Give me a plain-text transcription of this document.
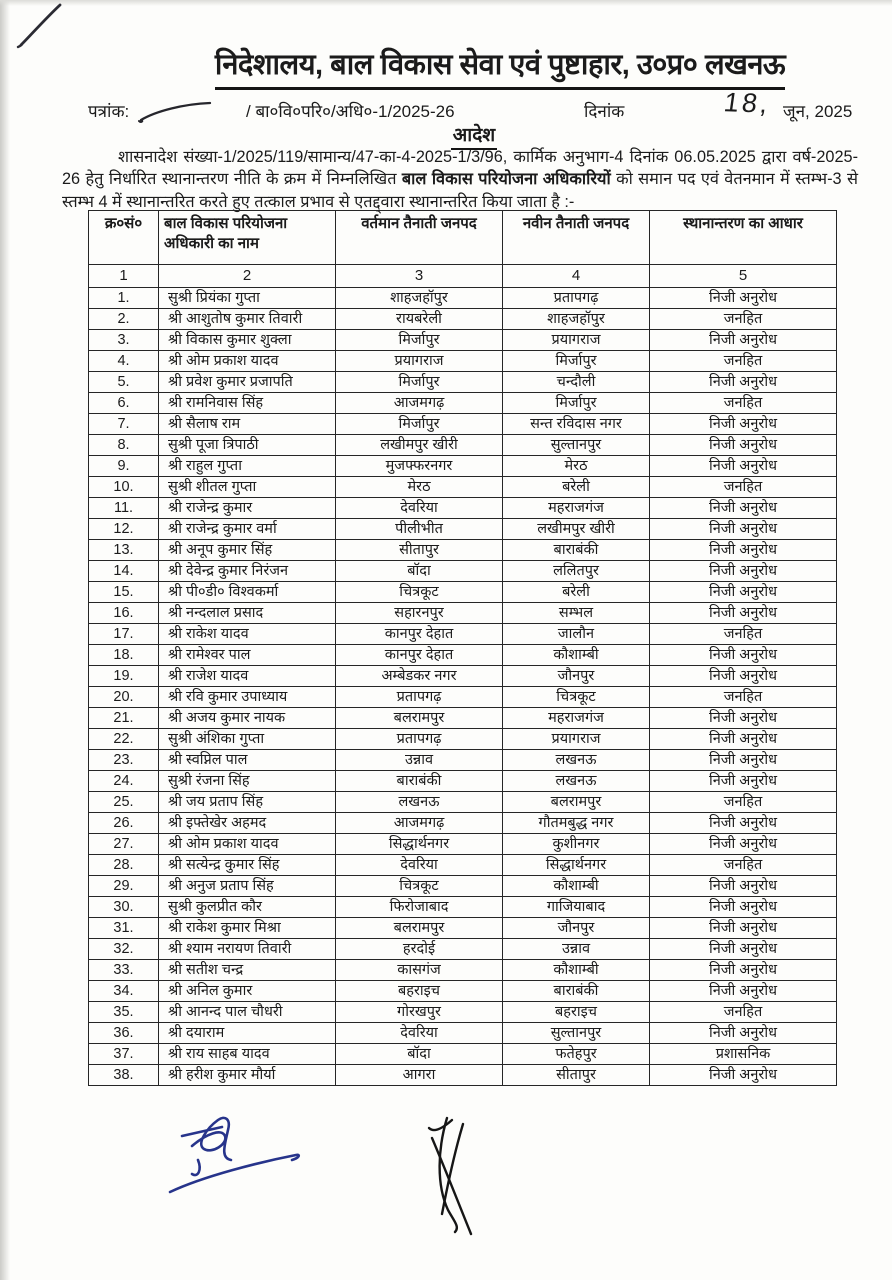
निदेशालय, बाल विकास सेवा एवं पुष्टाहार, उ०प्र० लखनऊ
पत्रांक:	/ बा०वि०परि०/अधि०-1/2025-26	दिनांक	18, जून, 2025
आदेश
शासनादेश संख्या-1/2025/119/सामान्य/47-का-4-2025-1/3/96, कार्मिक अनुभाग-4 दिनांक 06.05.2025 द्वारा वर्ष-2025-26 हेतु निर्धारित स्थानान्तरण नीति के क्रम में निम्नलिखित बाल विकास परियोजना अधिकारियों को समान पद एवं वेतनमान में स्तम्भ-3 से स्तम्भ 4 में स्थानान्तरित करते हुए तत्काल प्रभाव से एतद्द्वारा स्थानान्तरित किया जाता है :-
क्र०सं०	बाल विकास परियोजना अधिकारी का नाम	वर्तमान तैनाती जनपद	नवीन तैनाती जनपद	स्थानान्तरण का आधार
1	2	3	4	5
1.	सुश्री प्रियंका गुप्ता	शाहजहॉपुर	प्रतापगढ़	निजी अनुरोध
2.	श्री आशुतोष कुमार तिवारी	रायबरेली	शाहजहॉपुर	जनहित
3.	श्री विकास कुमार शुक्ला	मिर्जापुर	प्रयागराज	निजी अनुरोध
4.	श्री ओम प्रकाश यादव	प्रयागराज	मिर्जापुर	जनहित
5.	श्री प्रवेश कुमार प्रजापति	मिर्जापुर	चन्दौली	निजी अनुरोध
6.	श्री रामनिवास सिंह	आजमगढ़	मिर्जापुर	जनहित
7.	श्री सैलाष राम	मिर्जापुर	सन्त रविदास नगर	निजी अनुरोध
8.	सुश्री पूजा त्रिपाठी	लखीमपुर खीरी	सुल्तानपुर	निजी अनुरोध
9.	श्री राहुल गुप्ता	मुजफ्फरनगर	मेरठ	निजी अनुरोध
10.	सुश्री शीतल गुप्ता	मेरठ	बरेली	जनहित
11.	श्री राजेन्द्र कुमार	देवरिया	महराजगंज	निजी अनुरोध
12.	श्री राजेन्द्र कुमार वर्मा	पीलीभीत	लखीमपुर खीरी	निजी अनुरोध
13.	श्री अनूप कुमार सिंह	सीतापुर	बाराबंकी	निजी अनुरोध
14.	श्री देवेन्द्र कुमार निरंजन	बॉदा	ललितपुर	निजी अनुरोध
15.	श्री पी०डी० विश्वकर्मा	चित्रकूट	बरेली	निजी अनुरोध
16.	श्री नन्दलाल प्रसाद	सहारनपुर	सम्भल	निजी अनुरोध
17.	श्री राकेश यादव	कानपुर देहात	जालौन	जनहित
18.	श्री रामेश्वर पाल	कानपुर देहात	कौशाम्बी	निजी अनुरोध
19.	श्री राजेश यादव	अम्बेडकर नगर	जौनपुर	निजी अनुरोध
20.	श्री रवि कुमार उपाध्याय	प्रतापगढ़	चित्रकूट	जनहित
21.	श्री अजय कुमार नायक	बलरामपुर	महराजगंज	निजी अनुरोध
22.	सुश्री अंशिका गुप्ता	प्रतापगढ़	प्रयागराज	निजी अनुरोध
23.	श्री स्वप्निल पाल	उन्नाव	लखनऊ	निजी अनुरोध
24.	सुश्री रंजना सिंह	बाराबंकी	लखनऊ	निजी अनुरोध
25.	श्री जय प्रताप सिंह	लखनऊ	बलरामपुर	जनहित
26.	श्री इफ्तेखेर अहमद	आजमगढ़	गौतमबुद्ध नगर	निजी अनुरोध
27.	श्री ओम प्रकाश यादव	सिद्धार्थनगर	कुशीनगर	निजी अनुरोध
28.	श्री सत्येन्द्र कुमार सिंह	देवरिया	सिद्धार्थनगर	जनहित
29.	श्री अनुज प्रताप सिंह	चित्रकूट	कौशाम्बी	निजी अनुरोध
30.	सुश्री कुलप्रीत कौर	फिरोजाबाद	गाजियाबाद	निजी अनुरोध
31.	श्री राकेश कुमार मिश्रा	बलरामपुर	जौनपुर	निजी अनुरोध
32.	श्री श्याम नरायण तिवारी	हरदोई	उन्नाव	निजी अनुरोध
33.	श्री सतीश चन्द्र	कासगंज	कौशाम्बी	निजी अनुरोध
34.	श्री अनिल कुमार	बहराइच	बाराबंकी	निजी अनुरोध
35.	श्री आनन्द पाल चौधरी	गोरखपुर	बहराइच	जनहित
36.	श्री दयाराम	देवरिया	सुल्तानपुर	निजी अनुरोध
37.	श्री राय साहब यादव	बॉदा	फतेहपुर	प्रशासनिक
38.	श्री हरीश कुमार मौर्या	आगरा	सीतापुर	निजी अनुरोध
